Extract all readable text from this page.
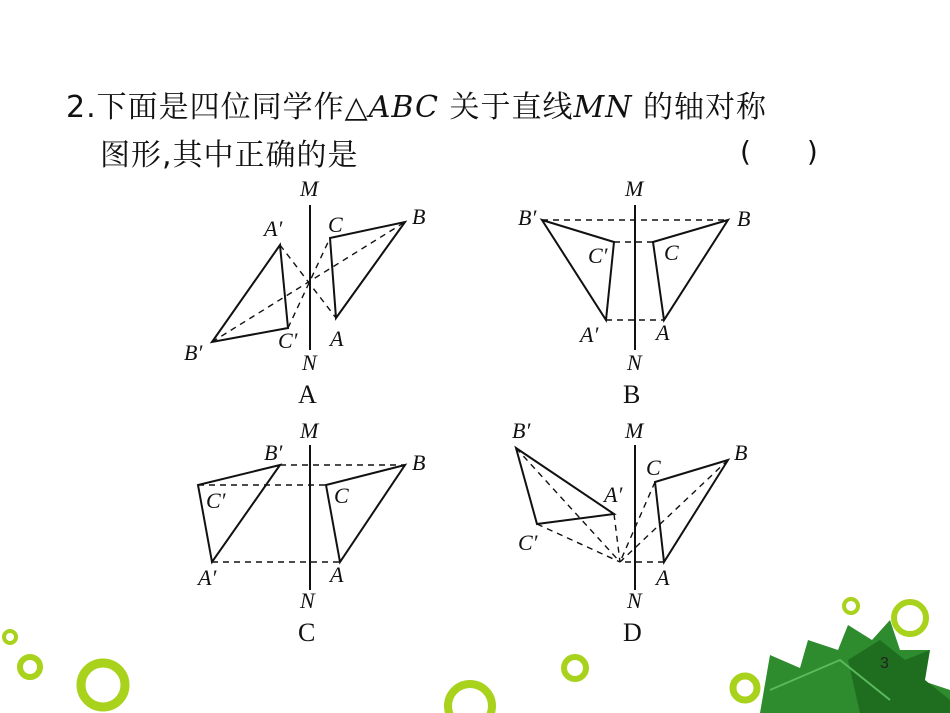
2.下面是四位同学作△ABC 关于直线MN 的轴对称
图形,其中正确的是	(　　)
M
N
A′ C	B
B′	C′ A
A
M
N
B′	B
C′	C
A′	A
B
M
N
B′	B
C′	C
A′	A
C
M
N
B′
B
C
A′
C′
A
D
3
